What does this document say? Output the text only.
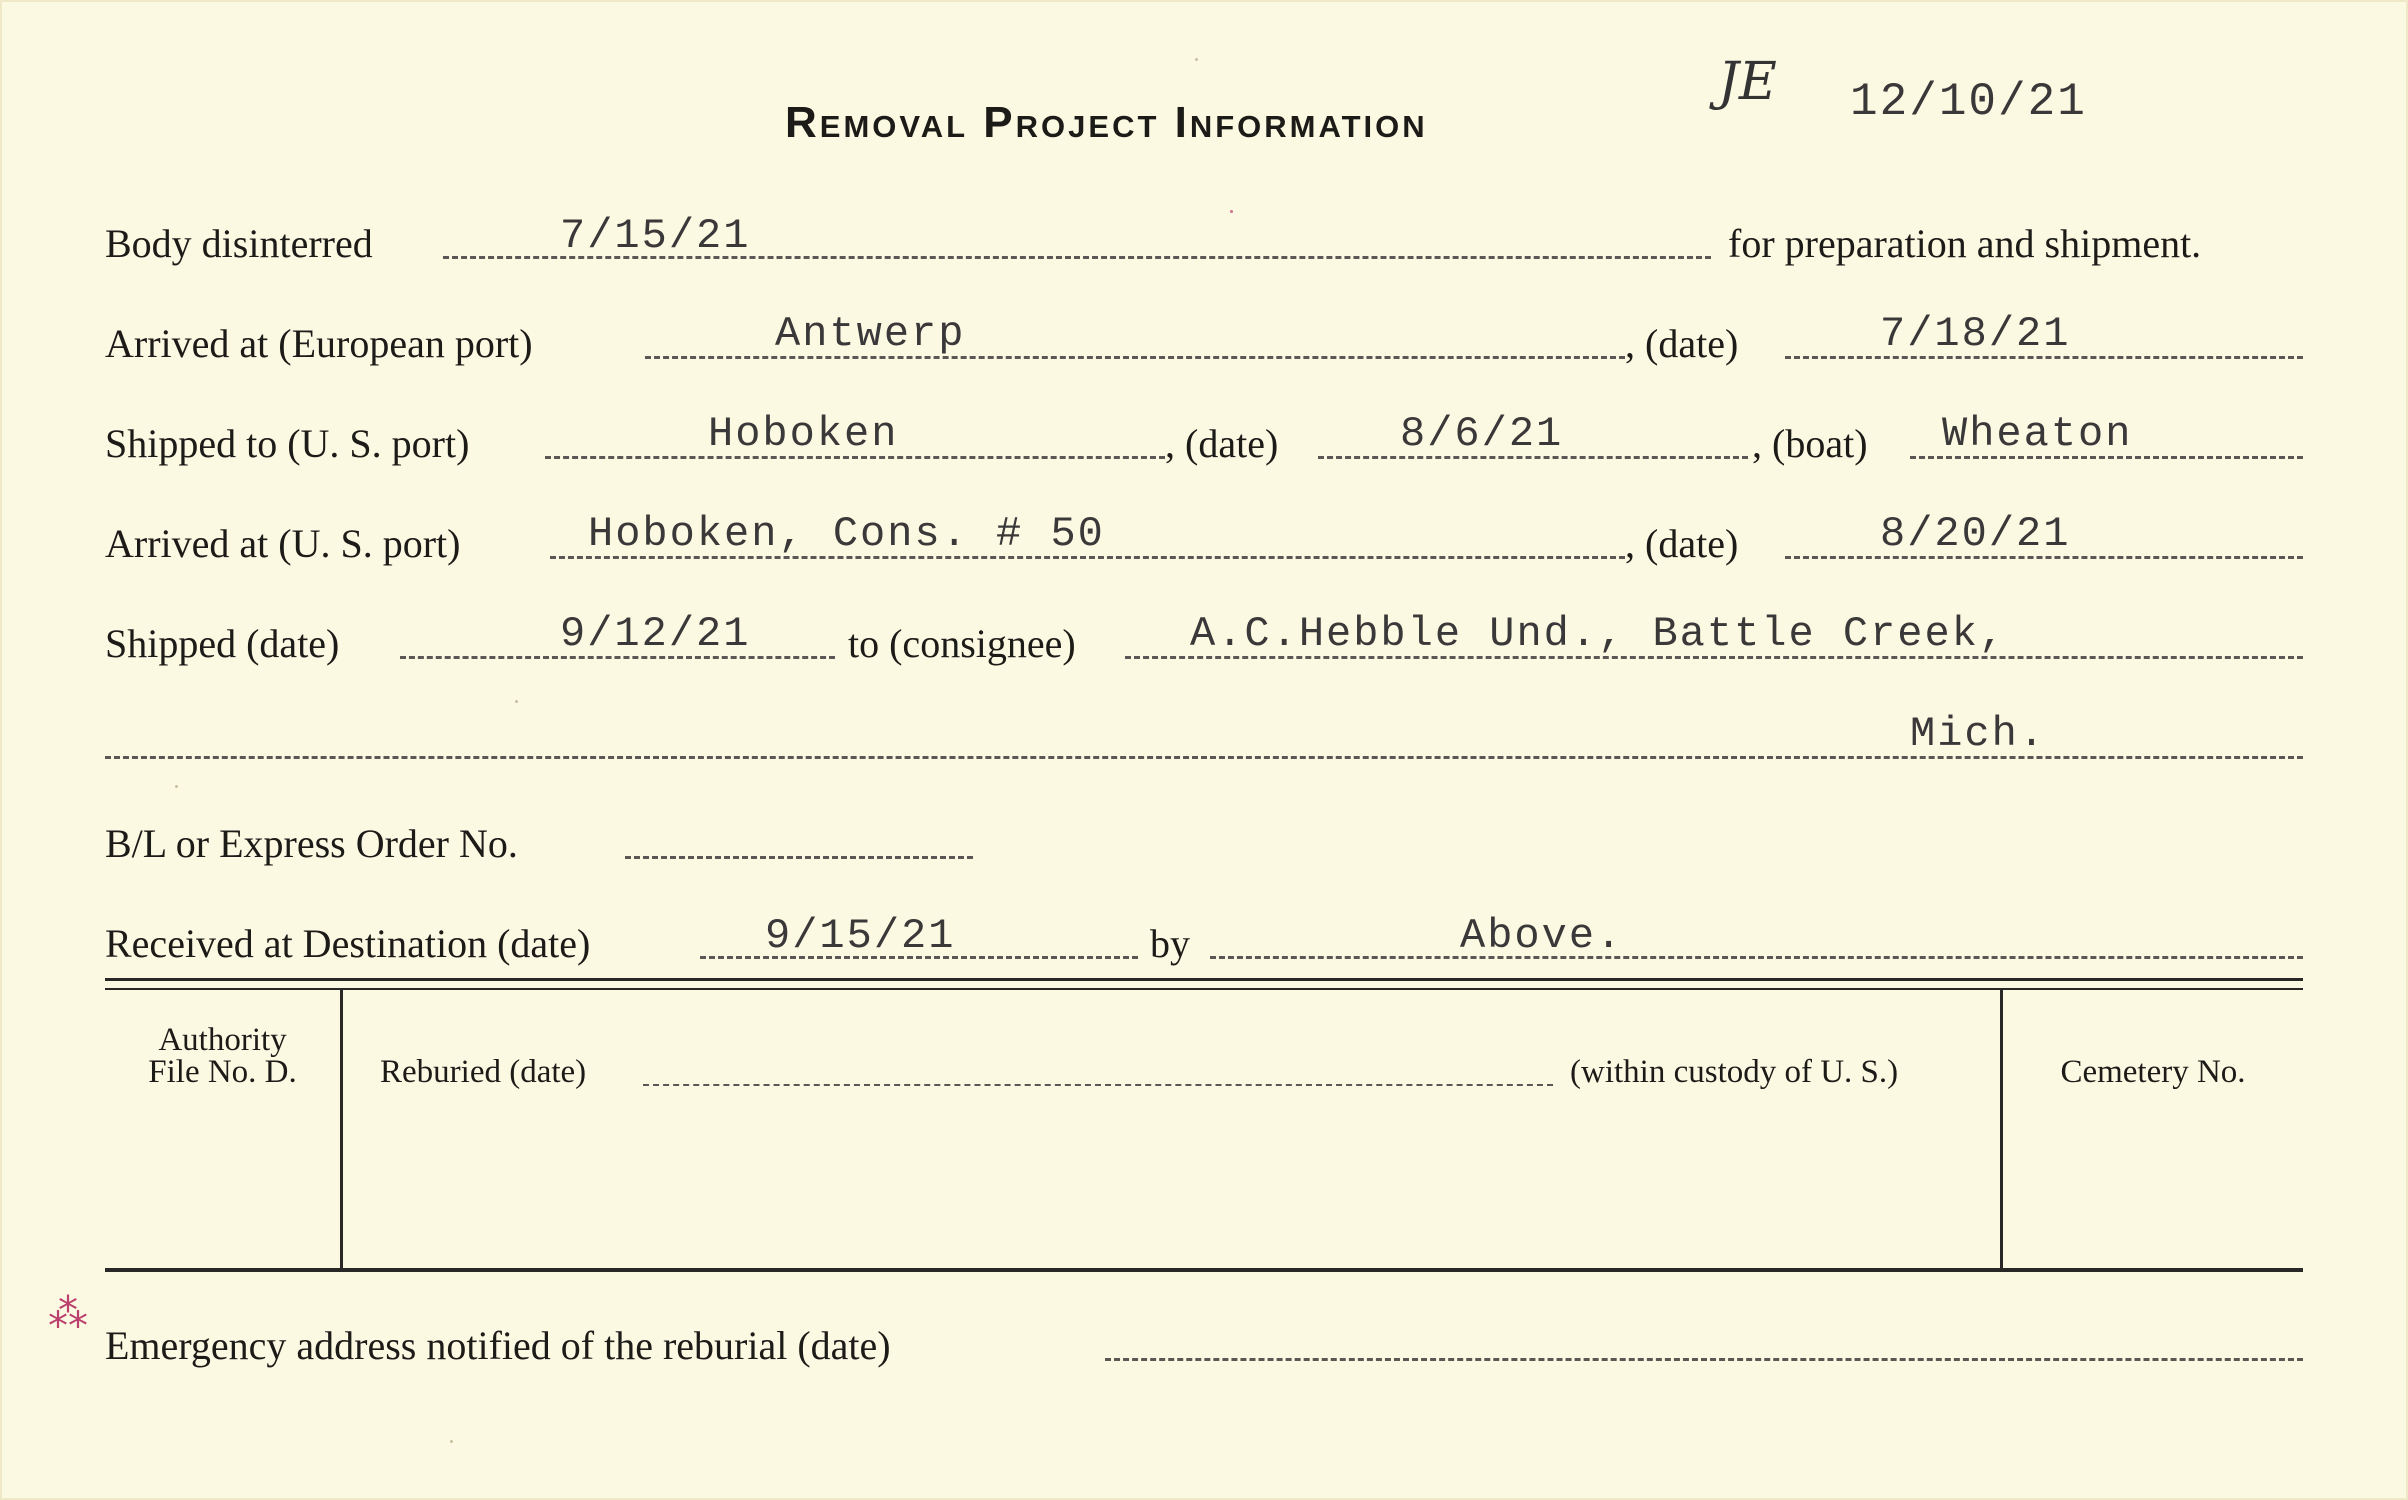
Removal Project Information
JE 12/10/21
Body disinterred	7/15/21	for preparation and shipment.
Arrived at (European port)	Antwerp	, (date)	7/18/21
Shipped to (U. S. port)	Hoboken	, (date)	8/6/21	, (boat) Wheaton
Arrived at (U. S. port)	Hoboken, Cons. # 50	, (date)	8/20/21
Shipped (date)	9/12/21 to (consignee)	A.C.Hebble Und., Battle Creek,
Mich.
B/L or Express Order No.
Received at Destination (date)	9/15/21	by	Above.
Authority
File No. D.	Reburied (date)	(within custody of U. S.)	Cemetery No.
Emergency address notified of the reburial (date)
⁂
